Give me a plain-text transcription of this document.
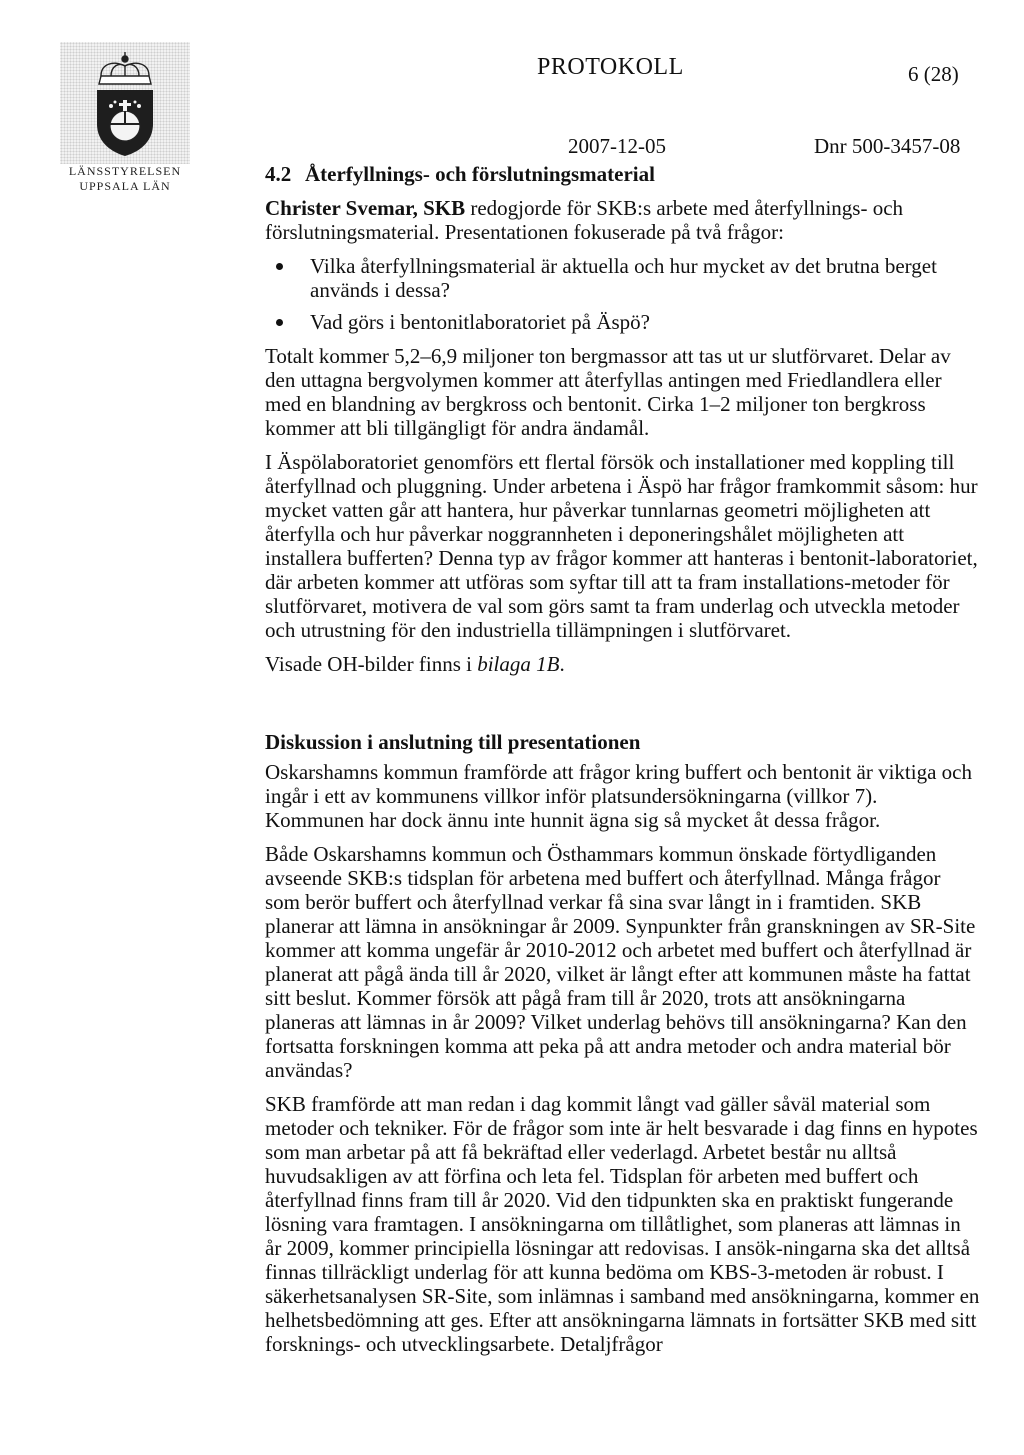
LÄNSSTYRELSEN
UPPSALA LÄN
PROTOKOLL	6 (28)
2007-12-05	Dnr 500-3457-08

4.2 Återfyllnings- och förslutningsmaterial

Christer Svemar, SKB redogjorde för SKB:s arbete med återfyllnings- och förslutningsmaterial. Presentationen fokuserade på två frågor:

Vilka återfyllningsmaterial är aktuella och hur mycket av det brutna berget används i dessa?
Vad görs i bentonitlaboratoriet på Äspö?

Totalt kommer 5,2–6,9 miljoner ton bergmassor att tas ut ur slutförvaret. Delar av den uttagna bergvolymen kommer att återfyllas antingen med Friedlandlera eller med en blandning av bergkross och bentonit. Cirka 1–2 miljoner ton bergkross kommer att bli tillgängligt för andra ändamål.

I Äspölaboratoriet genomförs ett flertal försök och installationer med koppling till återfyllnad och pluggning. Under arbetena i Äspö har frågor framkommit såsom: hur mycket vatten går att hantera, hur påverkar tunnlarnas geometri möjligheten att återfylla och hur påverkar noggrannheten i deponeringshålet möjligheten att installera bufferten? Denna typ av frågor kommer att hanteras i bentonit-laboratoriet, där arbeten kommer att utföras som syftar till att ta fram installations-metoder för slutförvaret, motivera de val som görs samt ta fram underlag och utveckla metoder och utrustning för den industriella tillämpningen i slutförvaret.

Visade OH-bilder finns i bilaga 1B.

Diskussion i anslutning till presentationen

Oskarshamns kommun framförde att frågor kring buffert och bentonit är viktiga och ingår i ett av kommunens villkor inför platsundersökningarna (villkor 7). Kommunen har dock ännu inte hunnit ägna sig så mycket åt dessa frågor.

Både Oskarshamns kommun och Östhammars kommun önskade förtydliganden avseende SKB:s tidsplan för arbetena med buffert och återfyllnad. Många frågor som berör buffert och återfyllnad verkar få sina svar långt in i framtiden. SKB planerar att lämna in ansökningar år 2009. Synpunkter från granskningen av SR-Site kommer att komma ungefär år 2010-2012 och arbetet med buffert och återfyllnad är planerat att pågå ända till år 2020, vilket är långt efter att kommunen måste ha fattat sitt beslut. Kommer försök att pågå fram till år 2020, trots att ansökningarna planeras att lämnas in år 2009? Vilket underlag behövs till ansökningarna? Kan den fortsatta forskningen komma att peka på att andra metoder och andra material bör användas?

SKB framförde att man redan i dag kommit långt vad gäller såväl material som metoder och tekniker. För de frågor som inte är helt besvarade i dag finns en hypotes som man arbetar på att få bekräftad eller vederlagd. Arbetet består nu alltså huvudsakligen av att förfina och leta fel. Tidsplan för arbeten med buffert och återfyllnad finns fram till år 2020. Vid den tidpunkten ska en praktiskt fungerande lösning vara framtagen. I ansökningarna om tillåtlighet, som planeras att lämnas in år 2009, kommer principiella lösningar att redovisas. I ansök-ningarna ska det alltså finnas tillräckligt underlag för att kunna bedöma om KBS-3-metoden är robust. I säkerhetsanalysen SR-Site, som inlämnas i samband med ansökningarna, kommer en helhetsbedömning att ges. Efter att ansökningarna lämnats in fortsätter SKB med sitt forsknings- och utvecklingsarbete. Detaljfrågor
